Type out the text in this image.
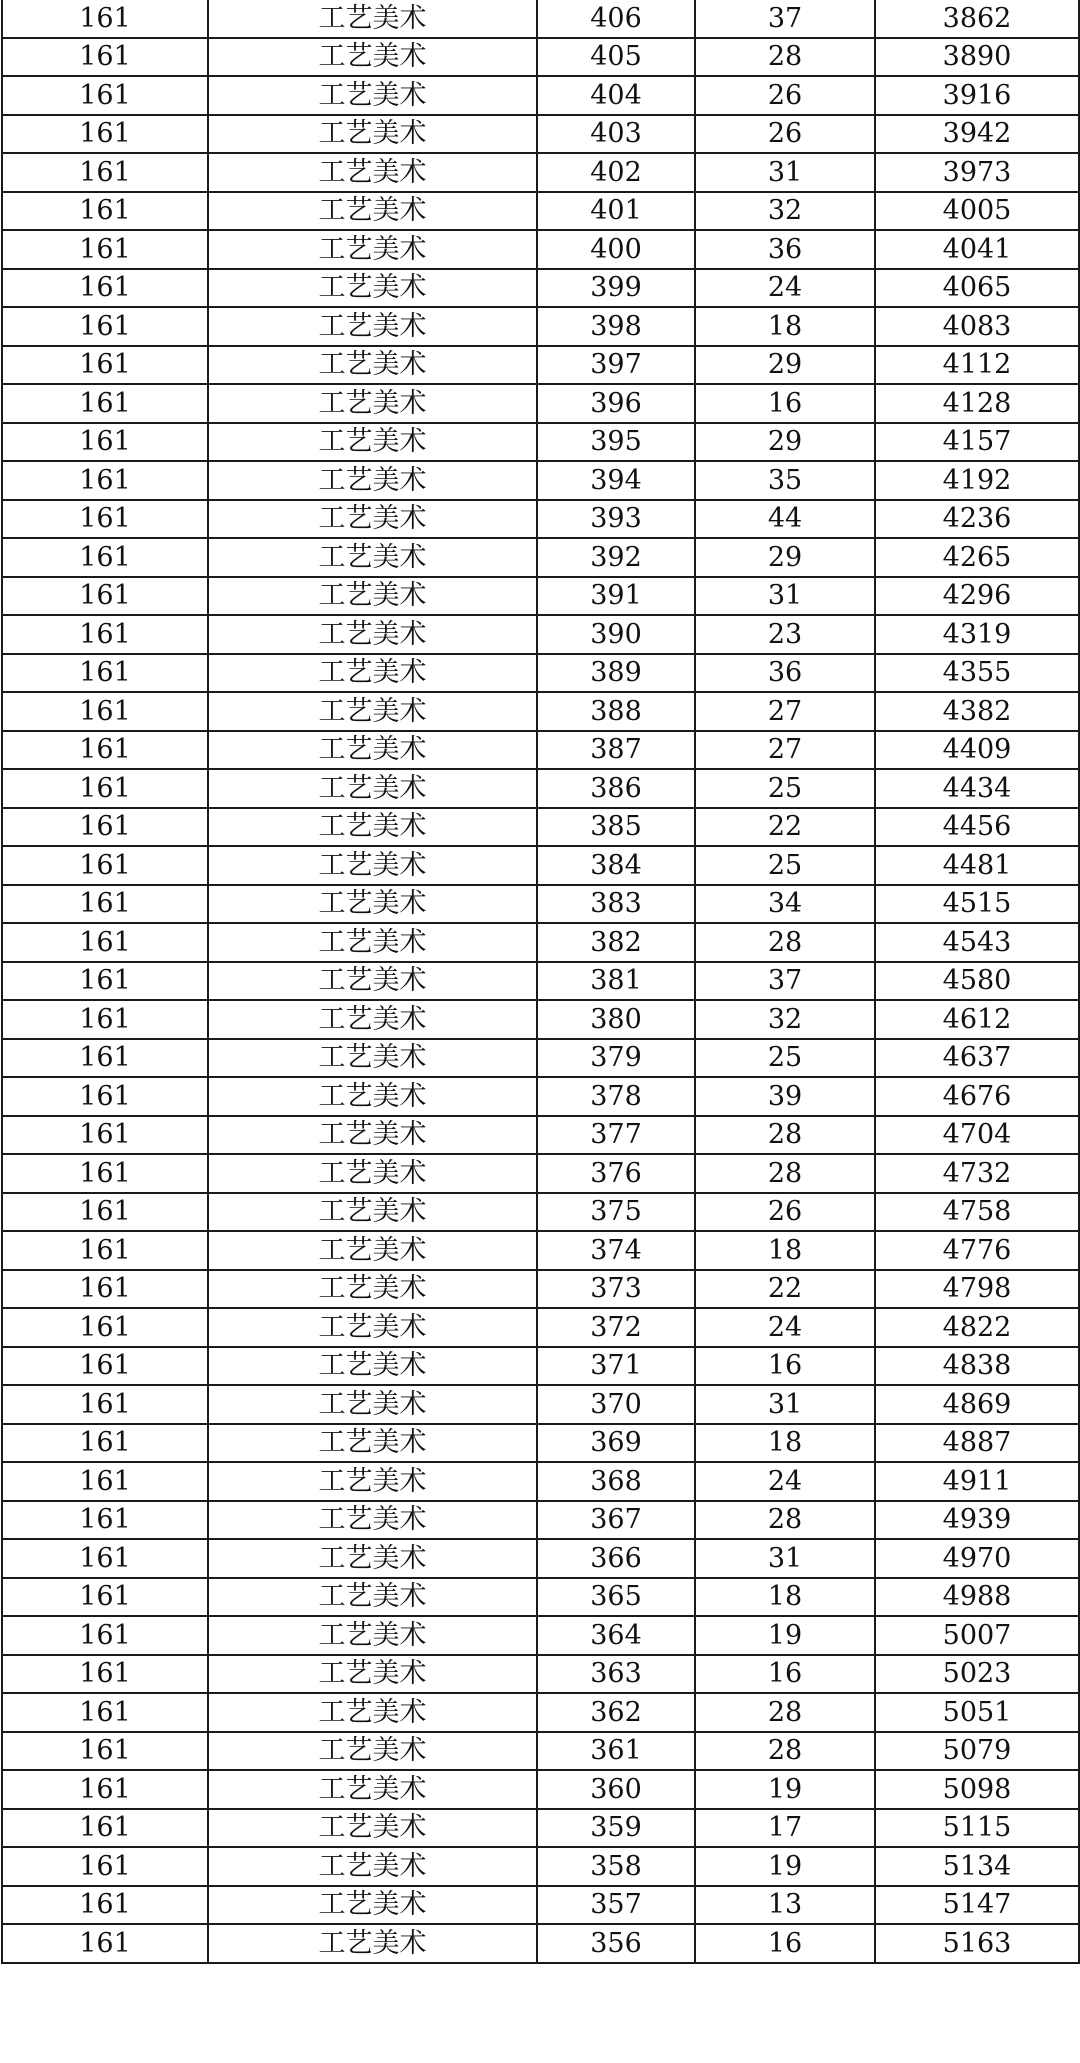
161	工艺美术	406	37	3862
161	工艺美术	405	28	3890
161	工艺美术	404	26	3916
161	工艺美术	403	26	3942
161	工艺美术	402	31	3973
161	工艺美术	401	32	4005
161	工艺美术	400	36	4041
161	工艺美术	399	24	4065
161	工艺美术	398	18	4083
161	工艺美术	397	29	4112
161	工艺美术	396	16	4128
161	工艺美术	395	29	4157
161	工艺美术	394	35	4192
161	工艺美术	393	44	4236
161	工艺美术	392	29	4265
161	工艺美术	391	31	4296
161	工艺美术	390	23	4319
161	工艺美术	389	36	4355
161	工艺美术	388	27	4382
161	工艺美术	387	27	4409
161	工艺美术	386	25	4434
161	工艺美术	385	22	4456
161	工艺美术	384	25	4481
161	工艺美术	383	34	4515
161	工艺美术	382	28	4543
161	工艺美术	381	37	4580
161	工艺美术	380	32	4612
161	工艺美术	379	25	4637
161	工艺美术	378	39	4676
161	工艺美术	377	28	4704
161	工艺美术	376	28	4732
161	工艺美术	375	26	4758
161	工艺美术	374	18	4776
161	工艺美术	373	22	4798
161	工艺美术	372	24	4822
161	工艺美术	371	16	4838
161	工艺美术	370	31	4869
161	工艺美术	369	18	4887
161	工艺美术	368	24	4911
161	工艺美术	367	28	4939
161	工艺美术	366	31	4970
161	工艺美术	365	18	4988
161	工艺美术	364	19	5007
161	工艺美术	363	16	5023
161	工艺美术	362	28	5051
161	工艺美术	361	28	5079
161	工艺美术	360	19	5098
161	工艺美术	359	17	5115
161	工艺美术	358	19	5134
161	工艺美术	357	13	5147
161	工艺美术	356	16	5163
